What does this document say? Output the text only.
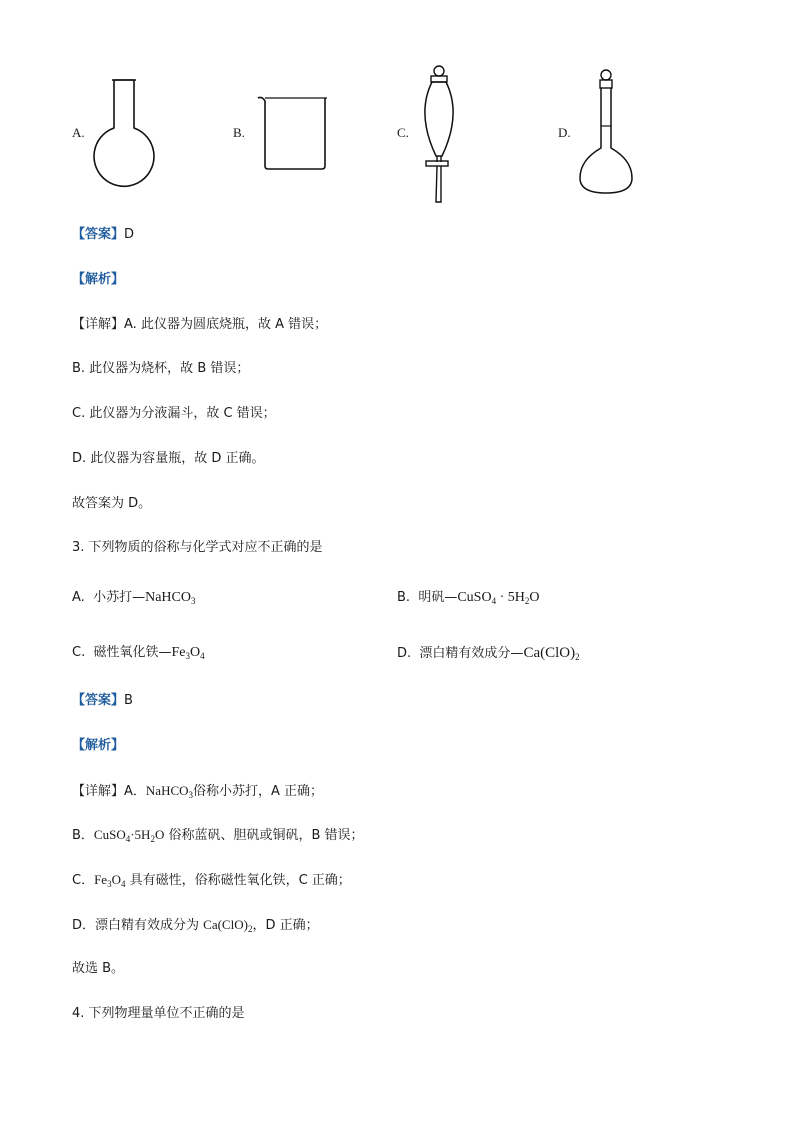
A.	B.	C.	D.
【答案】D
【解析】
【详解】A. 此仪器为圆底烧瓶，故 A 错误；
B. 此仪器为烧杯，故 B 错误；
C. 此仪器为分液漏斗，故 C 错误；
D. 此仪器为容量瓶，故 D 正确。
故答案为 D。
3. 下列物质的俗称与化学式对应不正确的是
A. 小苏打—NaHCO$_3$	B. 明矾—CuSO$_4$ · $5H_2O$
C. 磁性氧化铁$—Fe_3O_4$	D. 漂白精有效成分$—Ca(ClO)_2$
【答案】B
【解析】
【详解】A．NaHCO$_3$俗称小苏打，A 正确；
B．$CuSO_4\cdot 5H_2O$ 俗称蓝矾、胆矾或铜矾，B 错误；
C．$Fe_3O_4$ 具有磁性，俗称磁性氧化铁，C 正确；
D．漂白精有效成分为 $Ca(ClO)_2$，D 正确；
故选 B。
4. 下列物理量单位不正确的是
